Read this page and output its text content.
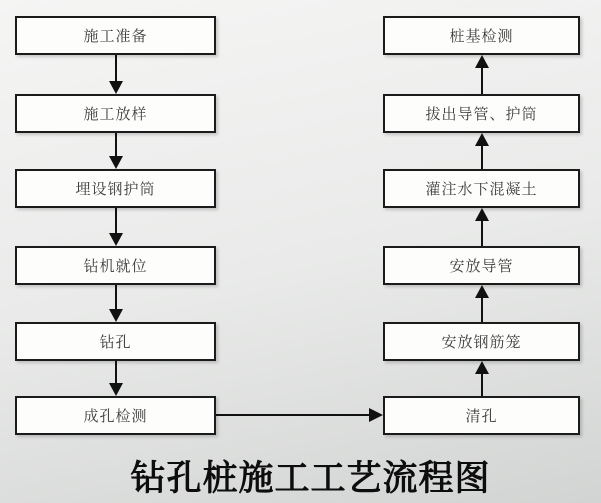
施工准备
施工放样
埋设钢护筒
钻机就位
钻孔
成孔检测
桩基检测
拔出导管、护筒
灌注水下混凝土
安放导管
安放钢筋笼
清孔
钻孔桩施工工艺流程图
